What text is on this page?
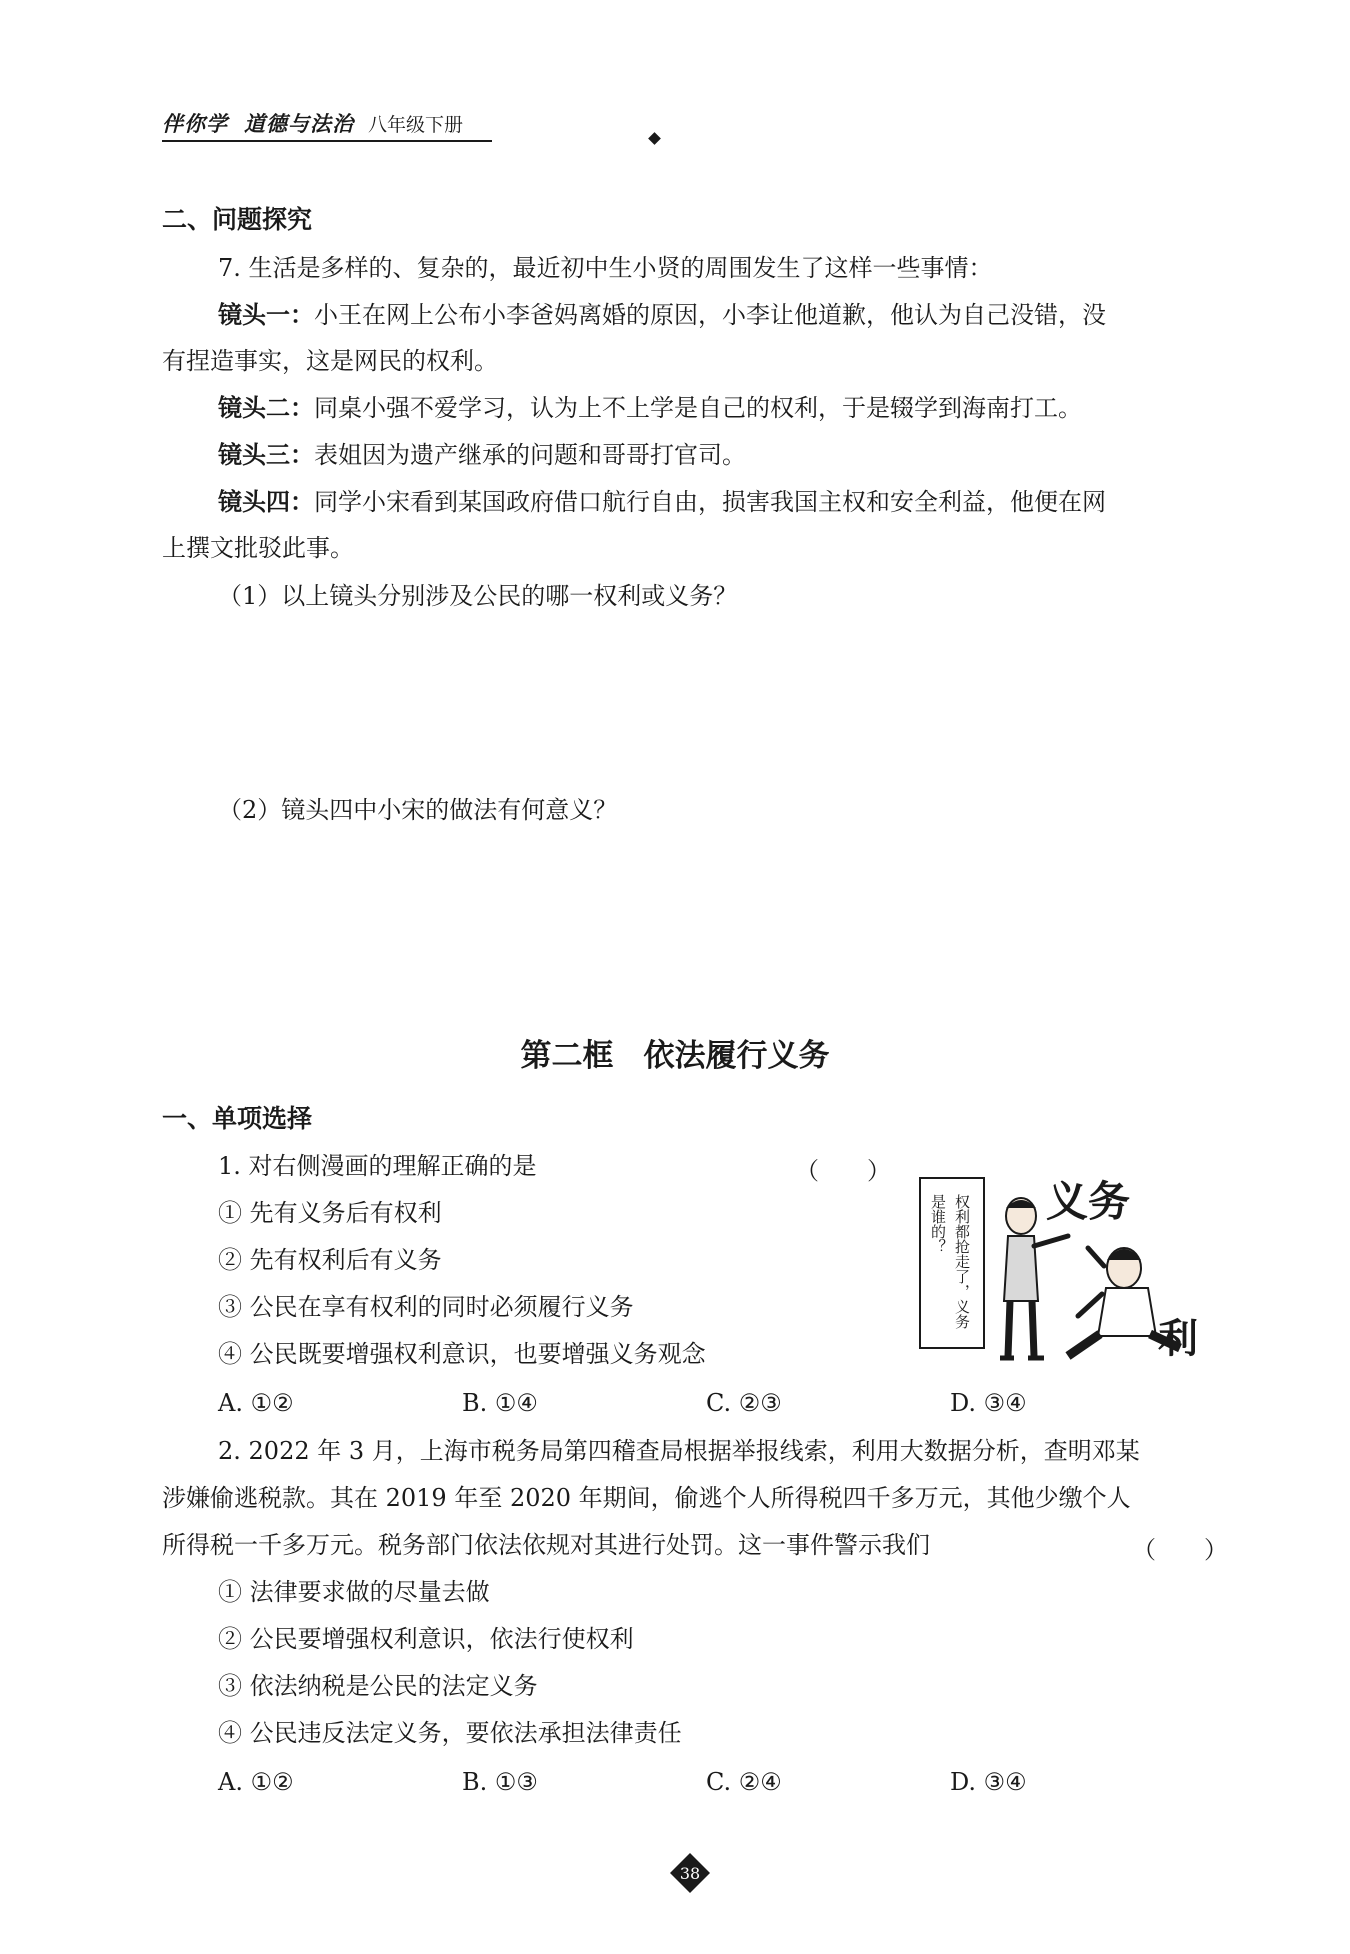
伴你学 道德与法治 八年级下册
二、问题探究
7. 生活是多样的、复杂的，最近初中生小贤的周围发生了这样一些事情：
镜头一：小王在网上公布小李爸妈离婚的原因，小李让他道歉，他认为自己没错，没
有捏造事实，这是网民的权利。
镜头二：同桌小强不爱学习，认为上不上学是自己的权利，于是辍学到海南打工。
镜头三：表姐因为遗产继承的问题和哥哥打官司。
镜头四：同学小宋看到某国政府借口航行自由，损害我国主权和安全利益，他便在网
上撰文批驳此事。
（1）以上镜头分别涉及公民的哪一权利或义务？
（2）镜头四中小宋的做法有何意义？
第二框 依法履行义务
一、单项选择
1. 对右侧漫画的理解正确的是	（　　）
① 先有义务后有权利
② 先有权利后有义务
③ 公民在享有权利的同时必须履行义务
④ 公民既要增强权利意识，也要增强义务观念
A. ①②	B. ①④	C. ②③	D. ③④
权利都抢走了，义务
是谁的？ 义务
利
2. 2022 年 3 月，上海市税务局第四稽查局根据举报线索，利用大数据分析，查明邓某
涉嫌偷逃税款。其在 2019 年至 2020 年期间，偷逃个人所得税四千多万元，其他少缴个人
所得税一千多万元。税务部门依法依规对其进行处罚。这一事件警示我们	（　　）
① 法律要求做的尽量去做
② 公民要增强权利意识，依法行使权利
③ 依法纳税是公民的法定义务
④ 公民违反法定义务，要依法承担法律责任
A. ①②	B. ①③	C. ②④	D. ③④
38
